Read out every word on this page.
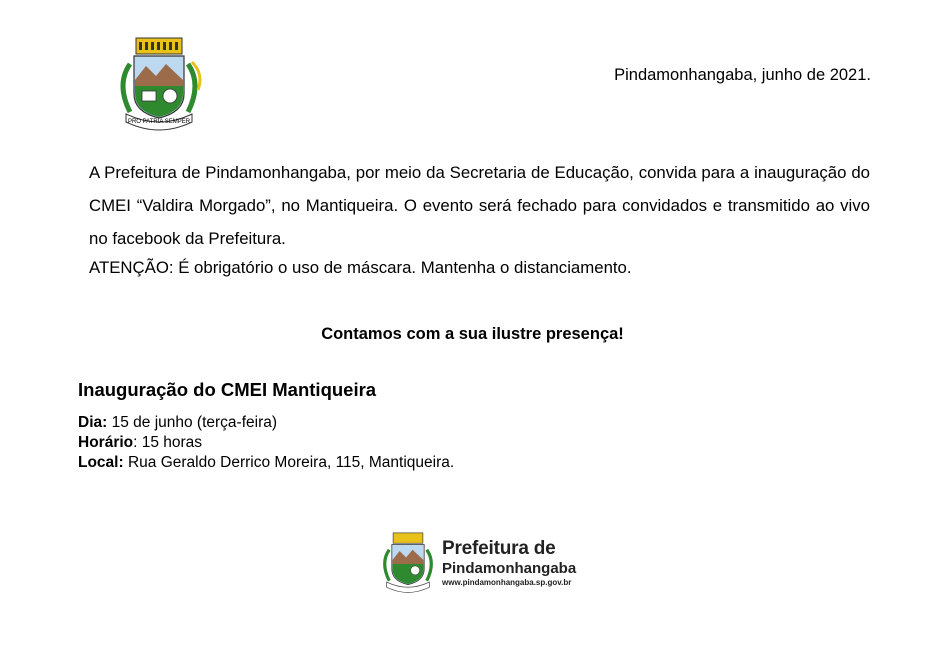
PRO PATRIA SEMPER
Pindamonhangaba, junho de 2021.

A Prefeitura de Pindamonhangaba, por meio da Secretaria de Educação, convida para a inauguração do CMEI “Valdira Morgado”, no Mantiqueira. O evento será fechado para convidados e transmitido ao vivo no facebook da Prefeitura.

ATENÇÃO: É obrigatório o uso de máscara. Mantenha o distanciamento.
Contamos com a sua ilustre presença!
Inauguração do CMEI Mantiqueira
Dia: 15 de junho (terça-feira)
Horário: 15 horas
Local: Rua Geraldo Derrico Moreira, 115, Mantiqueira.
Prefeitura de
Pindamonhangaba
www.pindamonhangaba.sp.gov.br
